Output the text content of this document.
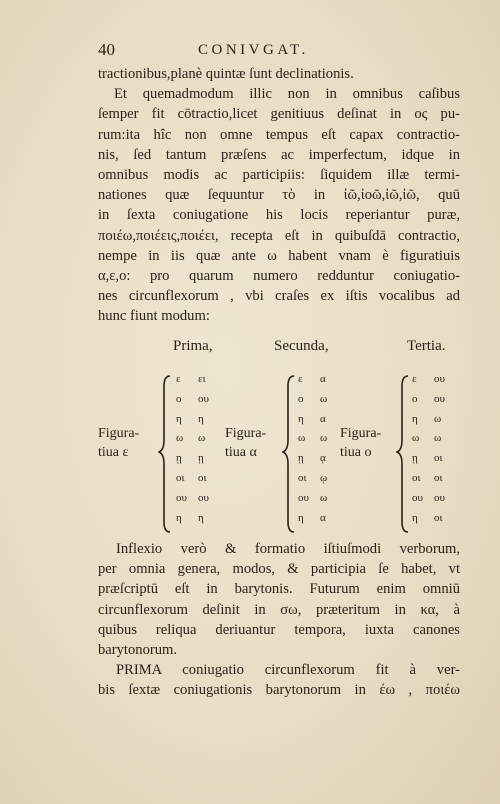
40	CONIVGAT.

tractionibus,planè quintæ ſunt declinationis.

Et quemadmodum illic non in omnibus caſibus
ſemper fit cōtractio,licet genitiuus deſinat in ος pu-
rum:ita hîc non omne tempus eſt capax contractio-
nis, ſed tantum præſens ac imperfectum, idque in
omnibus modis ac participiis: ſiquidem illæ termi-
nationes quæ ſequuntur τὸ in ἰῶ,ἰοῶ,ἰῶ,ἰῶ, quū
in ſexta coniugatione his locis reperiantur puræ,
ποιέω,ποιέεις,ποιέει, recepta eſt in quibuſdā contractio,
nempe in iis quæ ante ω habent vnam è figuratiuis
α,ε,ο: pro quarum numero redduntur coniugatio-
nes circunflexorum , vbi craſes ex iſtis vocalibus ad
hunc fiunt modum:

Prima,
Figura-
tiua ε
Secunda,
Figura-
tiua α
Tertia.
Figura-
tiua ο
ε
ο
η
ω
ῃ
οι
ου
η
ει
ου
η
ω
ῃ
οι
ου
η
ε
ο
η
ω
ῃ
οι
ου
η
α
ω
α
ω
ᾳ
ῳ
ω
α
ε
ο
η
ω
ῃ
οι
ου
η
ου
ου
ω
ω
οι
οι
ου
οι
Inflexio verò & formatio iſtiuſmodi verborum,
per omnia genera, modos, & participia ſe habet, vt
præſcriptū eſt in barytonis. Futurum enim omniū
circunflexorum deſinit in σω, præteritum in κα, à
quibus reliqua deriuantur tempora, iuxta canones
barytonorum.
PRIMA coniugatio circunflexorum fit à ver-
bis ſextæ coniugationis barytonorum in έω , ποιέω
